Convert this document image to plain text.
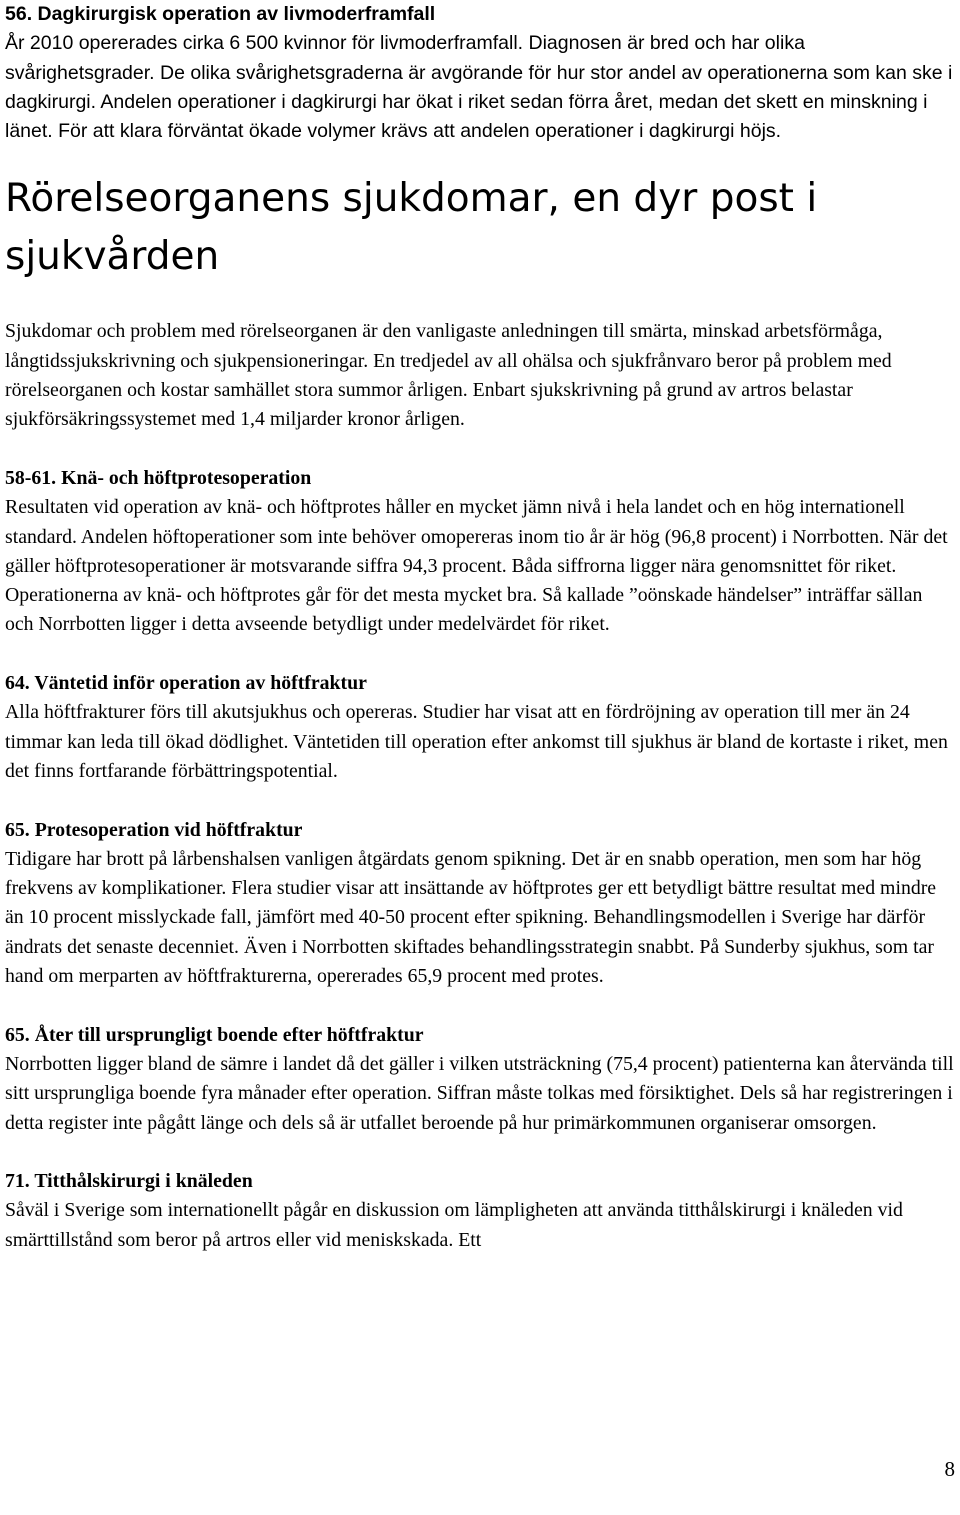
56. Dagkirurgisk operation av livmoderframfall
År 2010 opererades cirka 6 500 kvinnor för livmoderframfall. Diagnosen är bred och har olika svårighetsgrader. De olika svårighetsgraderna är avgörande för hur stor andel av operationerna som kan ske i dagkirurgi. Andelen operationer i dagkirurgi har ökat i riket sedan förra året, medan det skett en minskning i länet. För att klara förväntat ökade volymer krävs att andelen operationer i dagkirurgi höjs.

Rörelseorganens sjukdomar, en dyr post i sjukvården

Sjukdomar och problem med rörelseorganen är den vanligaste anledningen till smärta, minskad arbetsförmåga, långtidssjukskrivning och sjukpensioneringar. En tredjedel av all ohälsa och sjukfrånvaro beror på problem med rörelseorganen och kostar samhället stora summor årligen. Enbart sjukskrivning på grund av artros belastar sjukförsäkringssystemet med 1,4 miljarder kronor årligen.

58-61. Knä- och höftprotesoperation
Resultaten vid operation av knä- och höftprotes håller en mycket jämn nivå i hela landet och en hög internationell standard. Andelen höftoperationer som inte behöver omopereras inom tio år är hög (96,8 procent) i Norrbotten. När det gäller höftprotesoperationer är motsvarande siffra 94,3 procent. Båda siffrorna ligger nära genomsnittet för riket. Operationerna av knä- och höftprotes går för det mesta mycket bra. Så kallade ”oönskade händelser” inträffar sällan och Norrbotten ligger i detta avseende betydligt under medelvärdet för riket.

64. Väntetid inför operation av höftfraktur
Alla höftfrakturer förs till akutsjukhus och opereras. Studier har visat att en fördröjning av operation till mer än 24 timmar kan leda till ökad dödlighet. Väntetiden till operation efter ankomst till sjukhus är bland de kortaste i riket, men det finns fortfarande förbättringspotential.

65. Protesoperation vid höftfraktur
Tidigare har brott på lårbenshalsen vanligen åtgärdats genom spikning. Det är en snabb operation, men som har hög frekvens av komplikationer. Flera studier visar att insättande av höftprotes ger ett betydligt bättre resultat med mindre än 10 procent misslyckade fall, jämfört med 40-50 procent efter spikning. Behandlingsmodellen i Sverige har därför ändrats det senaste decenniet. Även i Norrbotten skiftades behandlingsstrategin snabbt. På Sunderby sjukhus, som tar hand om merparten av höftfrakturerna, opererades 65,9 procent med protes.

65. Åter till ursprungligt boende efter höftfraktur
Norrbotten ligger bland de sämre i landet då det gäller i vilken utsträckning (75,4 procent) patienterna kan återvända till sitt ursprungliga boende fyra månader efter operation. Siffran måste tolkas med försiktighet. Dels så har registreringen i detta register inte pågått länge och dels så är utfallet beroende på hur primärkommunen organiserar omsorgen.

71. Titthålskirurgi i knäleden
Såväl i Sverige som internationellt pågår en diskussion om lämpligheten att använda titthålskirurgi i knäleden vid smärttillstånd som beror på artros eller vid meniskskada. Ett

8
